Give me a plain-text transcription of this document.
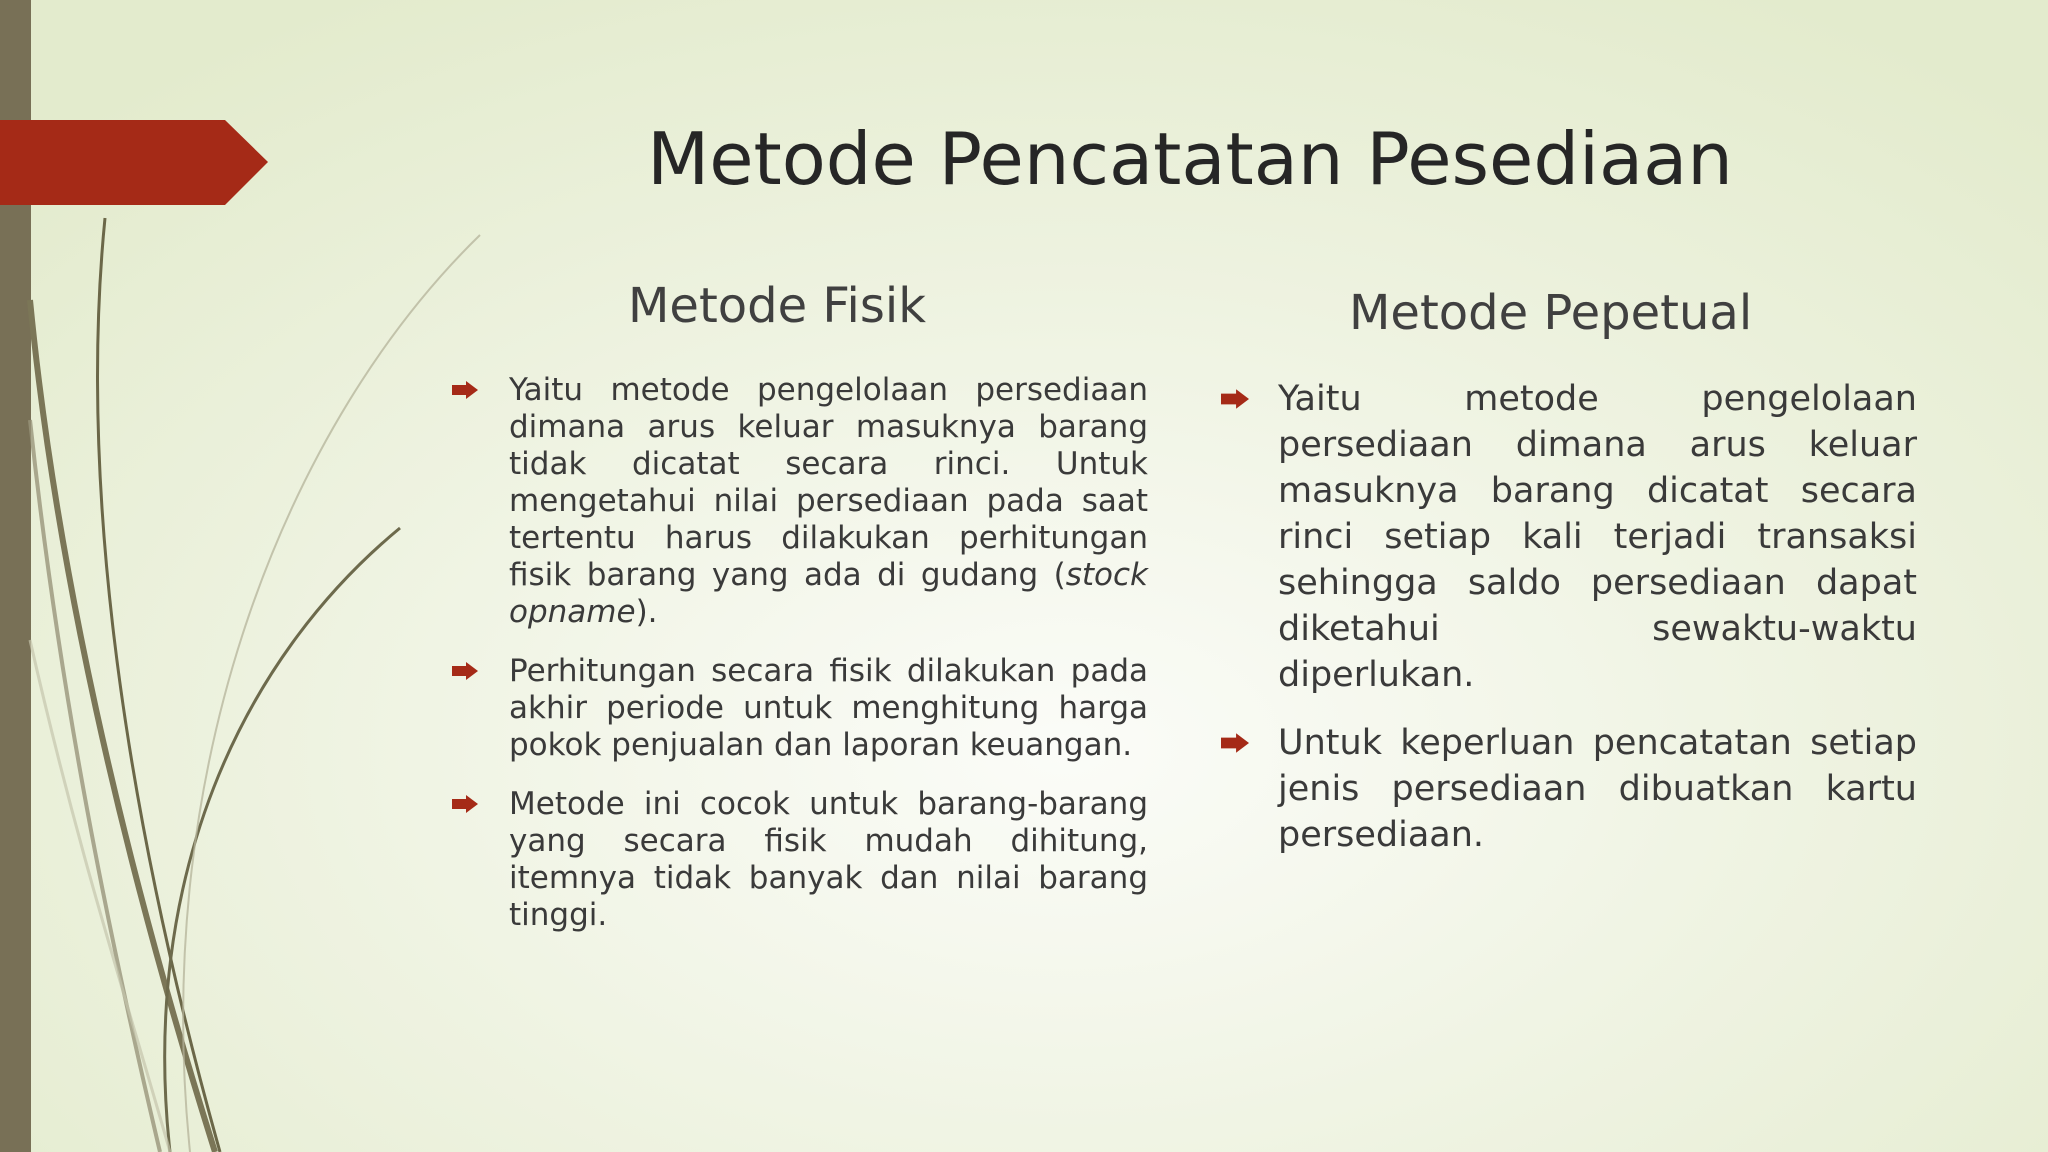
Metode Pencatatan Pesediaan
Metode Fisik
Yaitu metode pengelolaan persediaan dimana arus keluar masuknya barang tidak dicatat secara rinci. Untuk mengetahui nilai persediaan pada saat tertentu harus dilakukan perhitungan fisik barang yang ada di gudang (stock opname).
Perhitungan secara fisik dilakukan pada akhir periode untuk menghitung harga pokok penjualan dan laporan keuangan.
Metode ini cocok untuk barang-barang yang secara fisik mudah dihitung, itemnya tidak banyak dan nilai barang tinggi.
Metode Pepetual
Yaitu metode pengelolaan persediaan dimana arus keluar masuknya barang dicatat secara rinci setiap kali terjadi transaksi sehingga saldo persediaan dapat diketahui sewaktu-waktu diperlukan.
Untuk keperluan pencatatan setiap jenis persediaan dibuatkan kartu persediaan.
